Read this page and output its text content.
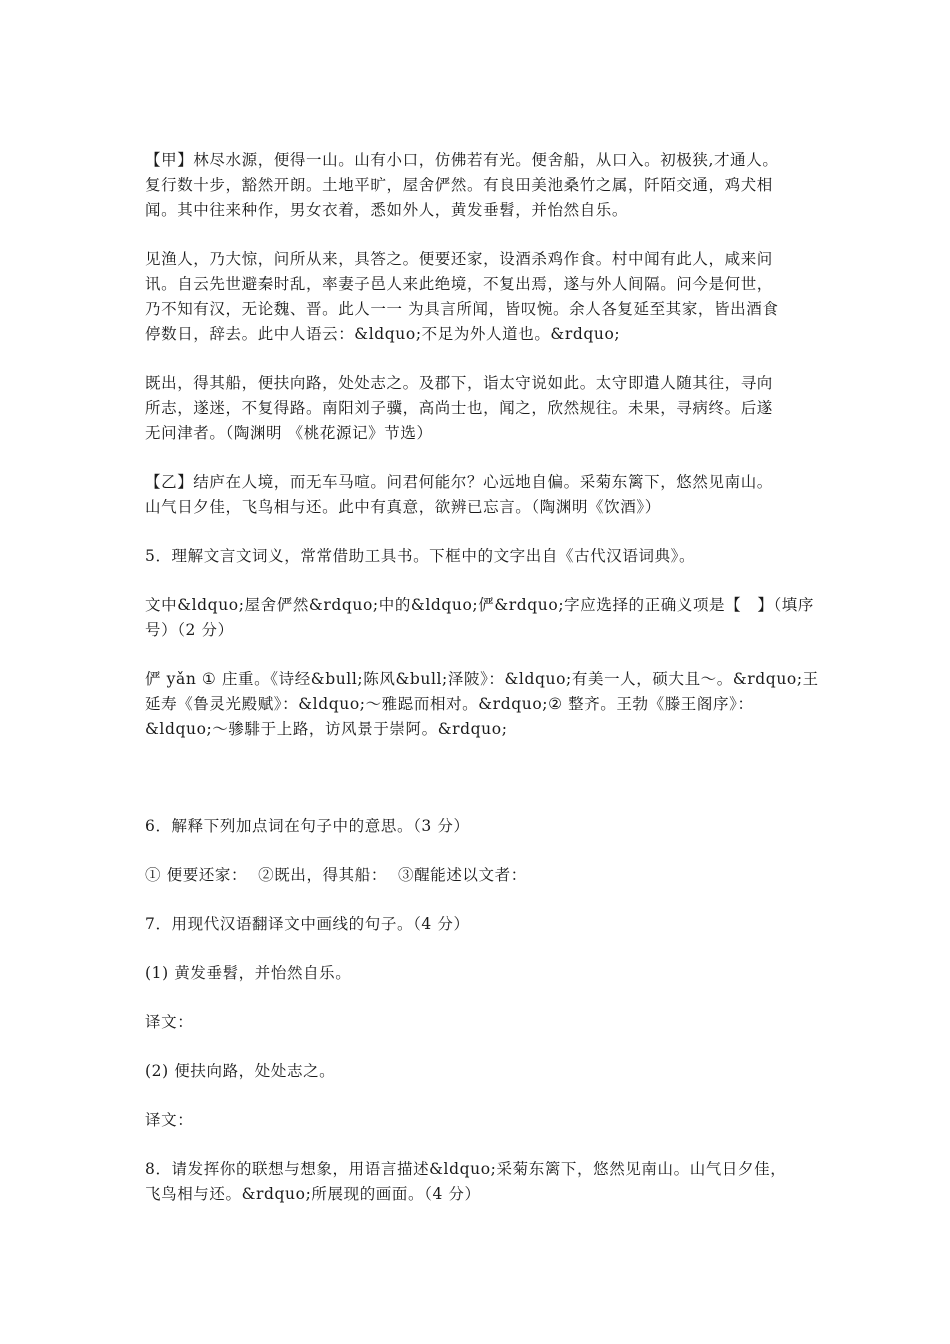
【甲】林尽水源，便得一山。山有小口，仿佛若有光。便舍船，从口入。初极狭,才通人。
复行数十步，豁然开朗。土地平旷，屋舍俨然。有良田美池桑竹之属，阡陌交通，鸡犬相
闻。其中往来种作，男女衣着，悉如外人，黄发垂髫，并怡然自乐。

见渔人，乃大惊，问所从来，具答之。便要还家，设酒杀鸡作食。村中闻有此人，咸来问
讯。自云先世避秦时乱，率妻子邑人来此绝境，不复出焉，遂与外人间隔。问今是何世，
乃不知有汉，无论魏、晋。此人一一 为具言所闻，皆叹惋。余人各复延至其家，皆出酒食
停数日，辞去。此中人语云：&ldquo;不足为外人道也。&rdquo;

既出，得其船，便扶向路，处处志之。及郡下，诣太守说如此。太守即遣人随其往，寻向
所志，遂迷，不复得路。南阳刘子骥，高尚士也，闻之，欣然规往。未果，寻病终。后遂
无问津者。（陶渊明 《桃花源记》节选）

【乙】结庐在人境，而无车马喧。问君何能尔？心远地自偏。采菊东篱下，悠然见南山。
山气日夕佳，飞鸟相与还。此中有真意，欲辨已忘言。（陶渊明《饮酒》）

5．理解文言文词义，常常借助工具书。下框中的文字出自《古代汉语词典》。

文中&ldquo;屋舍俨然&rdquo;中的&ldquo;俨&rdquo;字应选择的正确义项是【　】（填序
号）（2 分）

俨 yǎn ① 庄重。《诗经&bull;陈风&bull;泽陂》：&ldquo;有美一人，硕大且～。&rdquo;王
延寿《鲁灵光殿赋》：&ldquo;～雅跽而相对。&rdquo;② 整齐。王勃《滕王阁序》：
&ldquo;～骖騑于上路，访风景于崇阿。&rdquo;

6．解释下列加点词在句子中的意思。（3 分）

① 便要还家：  ②既出，得其船：  ③醒能述以文者：

7．用现代汉语翻译文中画线的句子。（4 分）

(1) 黄发垂髫，并怡然自乐。

译文：

(2) 便扶向路，处处志之。

译文：

8．请发挥你的联想与想象，用语言描述&ldquo;采菊东篱下，悠然见南山。山气日夕佳，
飞鸟相与还。&rdquo;所展现的画面。（4 分）
